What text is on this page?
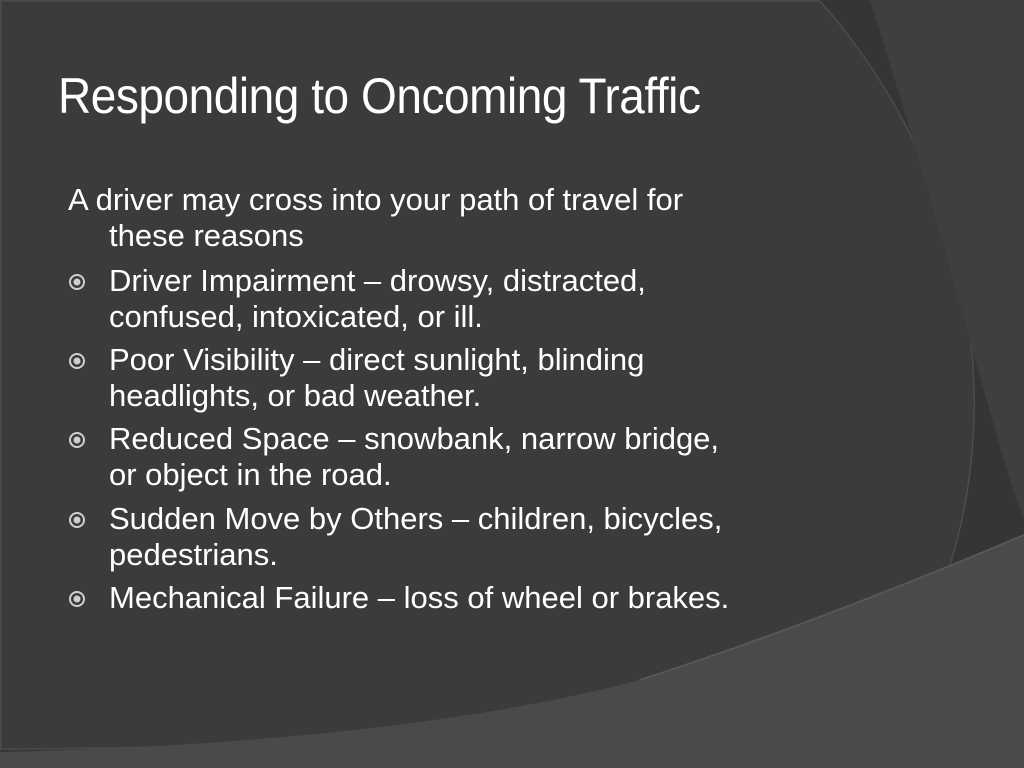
Responding to Oncoming Traffic
A driver may cross into your path of travel for
these reasons
Driver Impairment – drowsy, distracted,
confused, intoxicated, or ill.
Poor Visibility – direct sunlight, blinding
headlights, or bad weather.
Reduced Space – snowbank, narrow bridge,
or object in the road.
Sudden Move by Others – children, bicycles,
pedestrians.
Mechanical Failure – loss of wheel or brakes.
